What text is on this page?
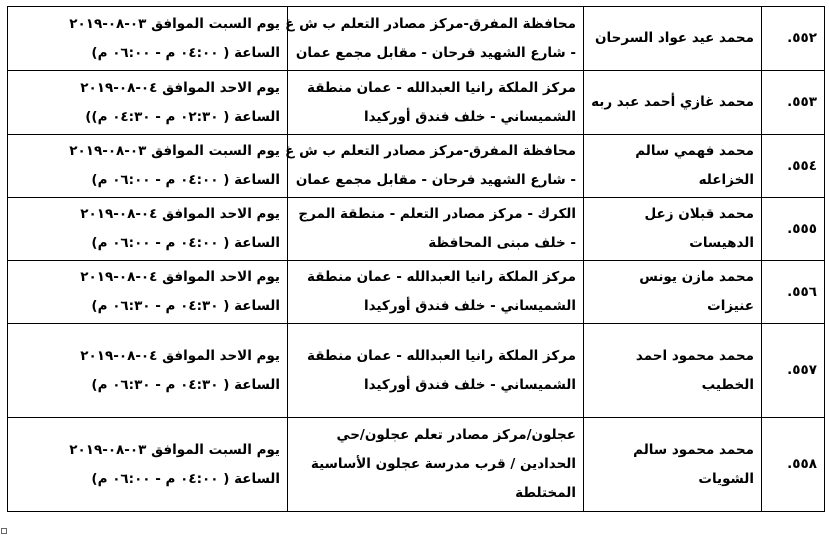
٥٥٢.	محمد عيد عواد السرحان	محافظة المفرق-مركز مصادر التعلم ب ش غ
- شارع الشهيد فرحان - مقابل مجمع عمان	يوم السبت الموافق ٠٣-٠٨-٢٠١٩
الساعة ( ٠٤:٠٠ م - ٠٦:٠٠ م)

٥٥٣.	محمد غازي أحمد عبد ربه	مركز الملكة رانيا العبدالله - عمان منطقة
الشميساني - خلف فندق أوركيدا	يوم الاحد الموافق ٠٤-٠٨-٢٠١٩
الساعة ( ٠٢:٣٠ م - ٠٤:٣٠ م))

٥٥٤.	محمد فهمي سالم الخزاعله	محافظة المفرق-مركز مصادر التعلم ب ش غ
- شارع الشهيد فرحان - مقابل مجمع عمان	يوم السبت الموافق ٠٣-٠٨-٢٠١٩
الساعة ( ٠٤:٠٠ م - ٠٦:٠٠ م)

٥٥٥.	محمد قبلان زعل الدهيسات	الكرك - مركز مصادر التعلم - منطقة المرج
- خلف مبنى المحافظة	يوم الاحد الموافق ٠٤-٠٨-٢٠١٩
الساعة ( ٠٤:٠٠ م - ٠٦:٠٠ م)

٥٥٦.	محمد مازن يونس عنيزات	مركز الملكة رانيا العبدالله - عمان منطقة
الشميساني - خلف فندق أوركيدا	يوم الاحد الموافق ٠٤-٠٨-٢٠١٩
الساعة ( ٠٤:٣٠ م - ٠٦:٣٠ م)

٥٥٧.	محمد محمود احمد الخطيب	مركز الملكة رانيا العبدالله - عمان منطقة
الشميساني - خلف فندق أوركيدا	يوم الاحد الموافق ٠٤-٠٨-٢٠١٩
الساعة ( ٠٤:٣٠ م - ٠٦:٣٠ م)

٥٥٨.	محمد محمود سالم الشويات	عجلون/مركز مصادر تعلم عجلون/حي
الحدادين / قرب مدرسة عجلون الأساسية
المختلطة	يوم السبت الموافق ٠٣-٠٨-٢٠١٩
الساعة ( ٠٤:٠٠ م - ٠٦:٠٠ م)
